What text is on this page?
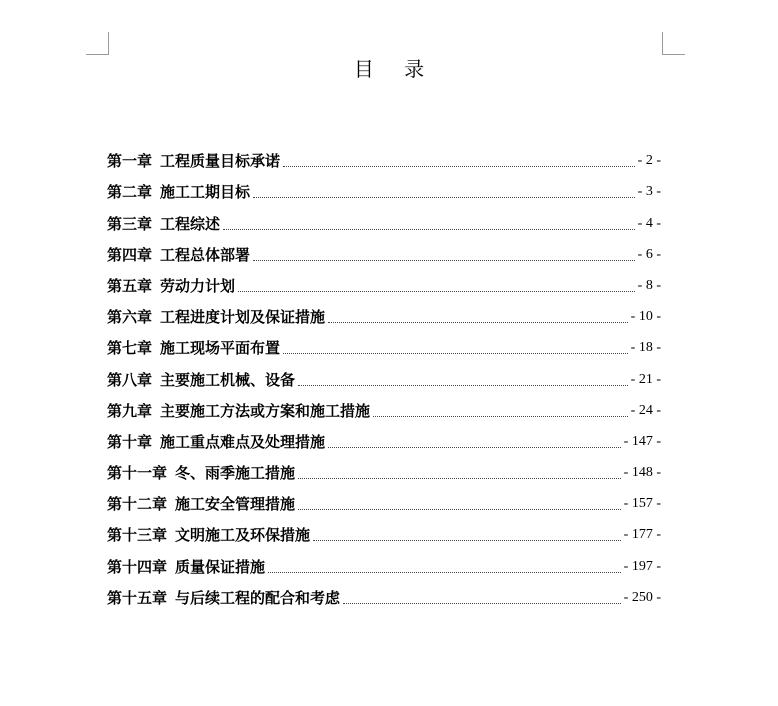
目 录
第一章 工程质量目标承诺	- 2 -
第二章 施工工期目标	- 3 -
第三章 工程综述	- 4 -
第四章 工程总体部署	- 6 -
第五章 劳动力计划	- 8 -
第六章 工程进度计划及保证措施	- 10 -
第七章 施工现场平面布置	- 18 -
第八章 主要施工机械、设备	- 21 -
第九章 主要施工方法或方案和施工措施	- 24 -
第十章 施工重点难点及处理措施	- 147 -
第十一章 冬、雨季施工措施	- 148 -
第十二章 施工安全管理措施	- 157 -
第十三章 文明施工及环保措施	- 177 -
第十四章 质量保证措施	- 197 -
第十五章 与后续工程的配合和考虑	- 250 -
